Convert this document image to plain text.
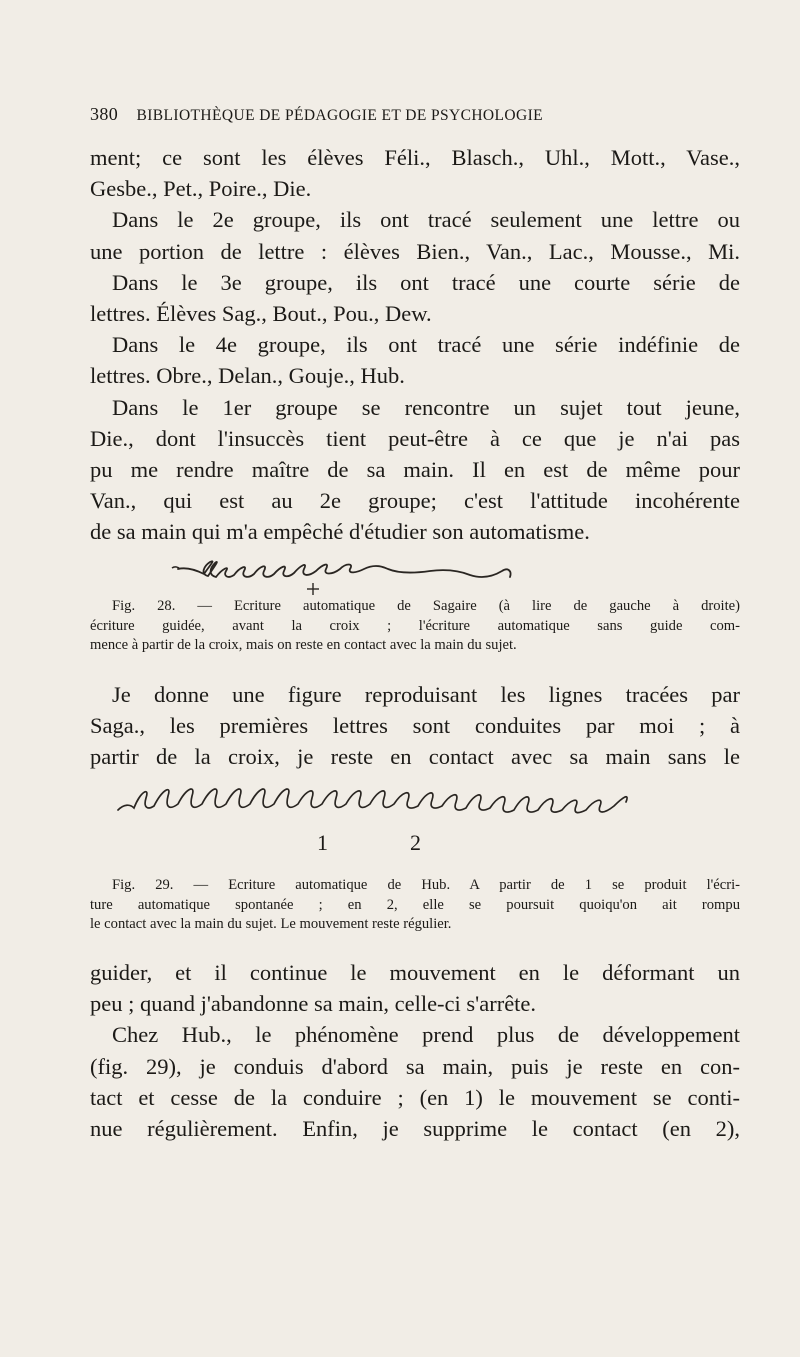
380 BIBLIOTHÈQUE DE PÉDAGOGIE ET DE PSYCHOLOGIE

ment; ce sont les élèves Féli., Blasch., Uhl., Mott., Vase.,

Gesbe., Pet., Poire., Die.

Dans le 2e groupe, ils ont tracé seulement une lettre ou

une portion de lettre : élèves Bien., Van., Lac., Mousse., Mi.

Dans le 3e groupe, ils ont tracé une courte série de

lettres. Élèves Sag., Bout., Pou., Dew.

Dans le 4e groupe, ils ont tracé une série indéfinie de

lettres. Obre., Delan., Gouje., Hub.

Dans le 1er groupe se rencontre un sujet tout jeune,

Die., dont l'insuccès tient peut-être à ce que je n'ai pas

pu me rendre maître de sa main. Il en est de même pour

Van., qui est au 2e groupe; c'est l'attitude incohérente

de sa main qui m'a empêché d'étudier son automatisme.

Fig. 28. — Ecriture automatique de Sagaire (à lire de gauche à droite)

écriture guidée, avant la croix ; l'écriture automatique sans guide com-

mence à partir de la croix, mais on reste en contact avec la main du sujet.

Je donne une figure reproduisant les lignes tracées par

Saga., les premières lettres sont conduites par moi ; à

partir de la croix, je reste en contact avec sa main sans le

1	2

Fig. 29. — Ecriture automatique de Hub. A partir de 1 se produit l'écri-

ture automatique spontanée ; en 2, elle se poursuit quoiqu'on ait rompu

le contact avec la main du sujet. Le mouvement reste régulier.

guider, et il continue le mouvement en le déformant un

peu ; quand j'abandonne sa main, celle-ci s'arrête.

Chez Hub., le phénomène prend plus de développement

(fig. 29), je conduis d'abord sa main, puis je reste en con-

tact et cesse de la conduire ; (en 1) le mouvement se conti-

nue régulièrement. Enfin, je supprime le contact (en 2),
